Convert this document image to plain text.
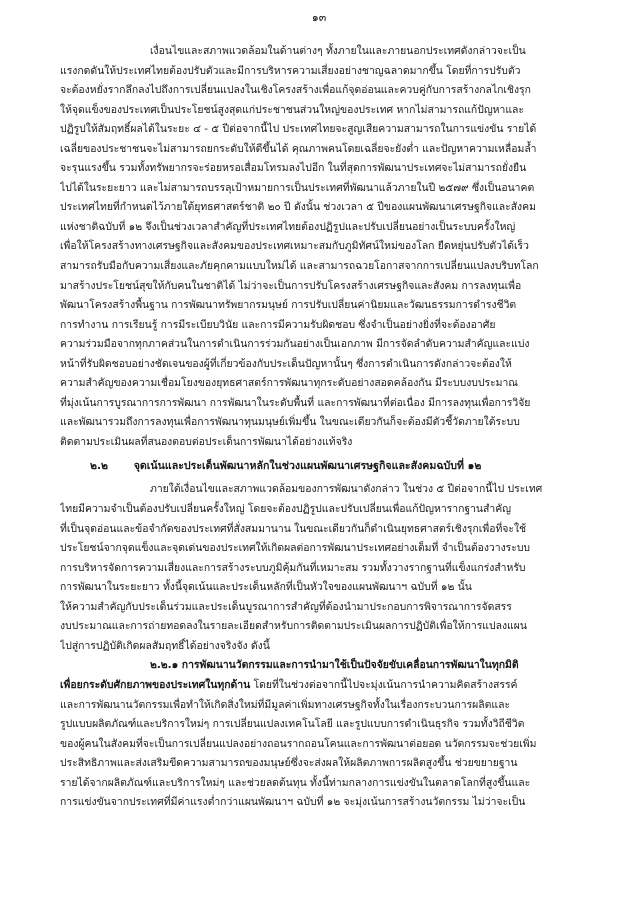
๑๓
เงื่อนไขและสภาพแวดล้อมในด้านต่างๆ ทั้งภายในและภายนอกประเทศดังกล่าวจะเป็น
แรงกดดันให้ประเทศไทยต้องปรับตัวและมีการบริหารความเสี่ยงอย่างชาญฉลาดมากขึ้น โดยที่การปรับตัว
จะต้องหยั่งรากลึกลงไปถึงการเปลี่ยนแปลงในเชิงโครงสร้างเพื่อแก้จุดอ่อนและควบคู่กับการสร้างกลไกเชิงรุก
ให้จุดแข็งของประเทศเป็นประโยชน์สูงสุดแก่ประชาชนส่วนใหญ่ของประเทศ หากไม่สามารถแก้ปัญหาและ
ปฏิรูปให้สัมฤทธิ์ผลได้ในระยะ ๔ - ๕ ปีต่อจากนี้ไป ประเทศไทยจะสูญเสียความสามารถในการแข่งขัน รายได้
เฉลี่ยของประชาชนจะไม่สามารถยกระดับให้ดีขึ้นได้ คุณภาพคนโดยเฉลี่ยจะยังต่ำ และปัญหาความเหลื่อมล้ำ
จะรุนแรงขึ้น รวมทั้งทรัพยากรจะร่อยหรอเสื่อมโทรมลงไปอีก ในที่สุดการพัฒนาประเทศจะไม่สามารถยั่งยืน
ไปได้ในระยะยาว และไม่สามารถบรรลุเป้าหมายการเป็นประเทศที่พัฒนาแล้วภายในปี ๒๕๗๙ ซึ่งเป็นอนาคต
ประเทศไทยที่กำหนดไว้ภายใต้ยุทธศาสตร์ชาติ ๒๐ ปี ดังนั้น ช่วงเวลา ๕ ปีของแผนพัฒนาเศรษฐกิจและสังคม
แห่งชาติฉบับที่ ๑๒ จึงเป็นช่วงเวลาสำคัญที่ประเทศไทยต้องปฏิรูปและปรับเปลี่ยนอย่างเป็นระบบครั้งใหญ่
เพื่อให้โครงสร้างทางเศรษฐกิจและสังคมของประเทศเหมาะสมกับภูมิทัศน์ใหม่ของโลก ยืดหยุ่นปรับตัวได้เร็ว
สามารถรับมือกับความเสี่ยงและภัยคุกคามแบบใหม่ได้ และสามารถฉวยโอกาสจากการเปลี่ยนแปลงบริบทโลก
มาสร้างประโยชน์สุขให้กับคนในชาติได้ ไม่ว่าจะเป็นการปรับโครงสร้างเศรษฐกิจและสังคม การลงทุนเพื่อ
พัฒนาโครงสร้างพื้นฐาน การพัฒนาทรัพยากรมนุษย์ การปรับเปลี่ยนค่านิยมและวัฒนธรรมการดำรงชีวิต
การทำงาน การเรียนรู้ การมีระเบียบวินัย และการมีความรับผิดชอบ ซึ่งจำเป็นอย่างยิ่งที่จะต้องอาศัย
ความร่วมมือจากทุกภาคส่วนในการดำเนินการร่วมกันอย่างเป็นเอกภาพ มีการจัดลำดับความสำคัญและแบ่ง
หน้าที่รับผิดชอบอย่างชัดเจนของผู้ที่เกี่ยวข้องกับประเด็นปัญหานั้นๆ ซึ่งการดำเนินการดังกล่าวจะต้องให้
ความสำคัญของความเชื่อมโยงของยุทธศาสตร์การพัฒนาทุกระดับอย่างสอดคล้องกัน มีระบบงบประมาณ
ที่มุ่งเน้นการบูรณาการการพัฒนา การพัฒนาในระดับพื้นที่ และการพัฒนาที่ต่อเนื่อง มีการลงทุนเพื่อการวิจัย
และพัฒนารวมถึงการลงทุนเพื่อการพัฒนาทุนมนุษย์เพิ่มขึ้น ในขณะเดียวกันก็จะต้องมีตัวชี้วัดภายใต้ระบบ
ติดตามประเมินผลที่สนองตอบต่อประเด็นการพัฒนาได้อย่างแท้จริง
๒.๒ จุดเน้นและประเด็นพัฒนาหลักในช่วงแผนพัฒนาเศรษฐกิจและสังคมฉบับที่ ๑๒
ภายใต้เงื่อนไขและสภาพแวดล้อมของการพัฒนาดังกล่าว ในช่วง ๕ ปีต่อจากนี้ไป ประเทศ
ไทยมีความจำเป็นต้องปรับเปลี่ยนครั้งใหญ่ โดยจะต้องปฏิรูปและปรับเปลี่ยนเพื่อแก้ปัญหารากฐานสำคัญ
ที่เป็นจุดอ่อนและข้อจำกัดของประเทศที่สั่งสมมานาน ในขณะเดียวกันก็ดำเนินยุทธศาสตร์เชิงรุกเพื่อที่จะใช้
ประโยชน์จากจุดแข็งและจุดเด่นของประเทศให้เกิดผลต่อการพัฒนาประเทศอย่างเต็มที่ จำเป็นต้องวางระบบ
การบริหารจัดการความเสี่ยงและการสร้างระบบภูมิคุ้มกันที่เหมาะสม รวมทั้งวางรากฐานที่แข็งแกร่งสำหรับ
การพัฒนาในระยะยาว ทั้งนี้จุดเน้นและประเด็นหลักที่เป็นหัวใจของแผนพัฒนาฯ ฉบับที่ ๑๒ นั้น
ให้ความสำคัญกับประเด็นร่วมและประเด็นบูรณาการสำคัญที่ต้องนำมาประกอบการพิจารณาการจัดสรร
งบประมาณและการถ่ายทอดลงในรายละเอียดสำหรับการติดตามประเมินผลการปฏิบัติเพื่อให้การแปลงแผน
ไปสู่การปฏิบัติเกิดผลสัมฤทธิ์ได้อย่างจริงจัง ดังนี้
๒.๒.๑ การพัฒนานวัตกรรมและการนำมาใช้เป็นปัจจัยขับเคลื่อนการพัฒนาในทุกมิติ
เพื่อยกระดับศักยภาพของประเทศในทุกด้าน โดยที่ในช่วงต่อจากนี้ไปจะมุ่งเน้นการนำความคิดสร้างสรรค์
และการพัฒนานวัตกรรมเพื่อทำให้เกิดสิ่งใหม่ที่มีมูลค่าเพิ่มทางเศรษฐกิจทั้งในเรื่องกระบวนการผลิตและ
รูปแบบผลิตภัณฑ์และบริการใหม่ๆ การเปลี่ยนแปลงเทคโนโลยี และรูปแบบการดำเนินธุรกิจ รวมทั้งวิถีชีวิต
ของผู้คนในสังคมที่จะเป็นการเปลี่ยนแปลงอย่างถอนรากถอนโคนและการพัฒนาต่อยอด นวัตกรรมจะช่วยเพิ่ม
ประสิทธิภาพและส่งเสริมขีดความสามารถของมนุษย์ซึ่งจะส่งผลให้ผลิตภาพการผลิตสูงขึ้น ช่วยขยายฐาน
รายได้จากผลิตภัณฑ์และบริการใหม่ๆ และช่วยลดต้นทุน ทั้งนี้ท่ามกลางการแข่งขันในตลาดโลกที่สูงขึ้นและ
การแข่งขันจากประเทศที่มีค่าแรงต่ำกว่าแผนพัฒนาฯ ฉบับที่ ๑๒ จะมุ่งเน้นการสร้างนวัตกรรม ไม่ว่าจะเป็น
